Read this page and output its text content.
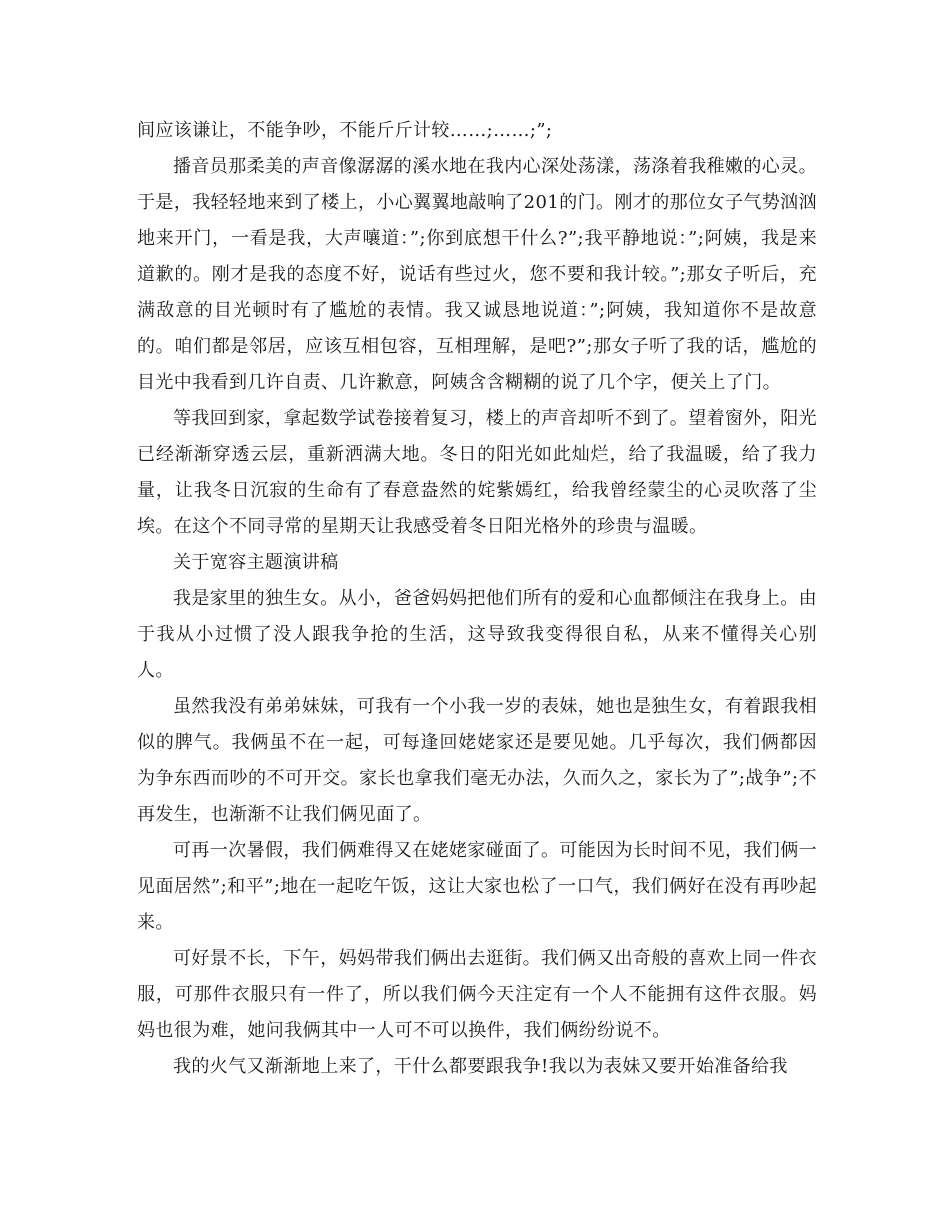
间应该谦让，不能争吵，不能斤斤计较……;……;”;

播音员那柔美的声音像潺潺的溪水地在我内心深处荡漾，荡涤着我稚嫩的心灵。于是，我轻轻地来到了楼上，小心翼翼地敲响了201的门。刚才的那位女子气势汹汹地来开门，一看是我，大声嚷道：”;你到底想干什么?”;我平静地说：”;阿姨，我是来道歉的。刚才是我的态度不好，说话有些过火，您不要和我计较。”;那女子听后，充满敌意的目光顿时有了尴尬的表情。我又诚恳地说道：”;阿姨，我知道你不是故意的。咱们都是邻居，应该互相包容，互相理解，是吧?”;那女子听了我的话，尴尬的目光中我看到几许自责、几许歉意，阿姨含含糊糊的说了几个字，便关上了门。

等我回到家，拿起数学试卷接着复习，楼上的声音却听不到了。望着窗外，阳光已经渐渐穿透云层，重新洒满大地。冬日的阳光如此灿烂，给了我温暖，给了我力量，让我冬日沉寂的生命有了春意盎然的姹紫嫣红，给我曾经蒙尘的心灵吹落了尘埃。在这个不同寻常的星期天让我感受着冬日阳光格外的珍贵与温暖。

关于宽容主题演讲稿

我是家里的独生女。从小，爸爸妈妈把他们所有的爱和心血都倾注在我身上。由于我从小过惯了没人跟我争抢的生活，这导致我变得很自私，从来不懂得关心别人。

虽然我没有弟弟妹妹，可我有一个小我一岁的表妹，她也是独生女，有着跟我相似的脾气。我俩虽不在一起，可每逢回姥姥家还是要见她。几乎每次，我们俩都因为争东西而吵的不可开交。家长也拿我们毫无办法，久而久之，家长为了”;战争”;不再发生，也渐渐不让我们俩见面了。

可再一次暑假，我们俩难得又在姥姥家碰面了。可能因为长时间不见，我们俩一见面居然”;和平”;地在一起吃午饭，这让大家也松了一口气，我们俩好在没有再吵起来。

可好景不长，下午，妈妈带我们俩出去逛街。我们俩又出奇般的喜欢上同一件衣服，可那件衣服只有一件了，所以我们俩今天注定有一个人不能拥有这件衣服。妈妈也很为难，她问我俩其中一人可不可以换件，我们俩纷纷说不。

我的火气又渐渐地上来了，干什么都要跟我争!我以为表妹又要开始准备给我
